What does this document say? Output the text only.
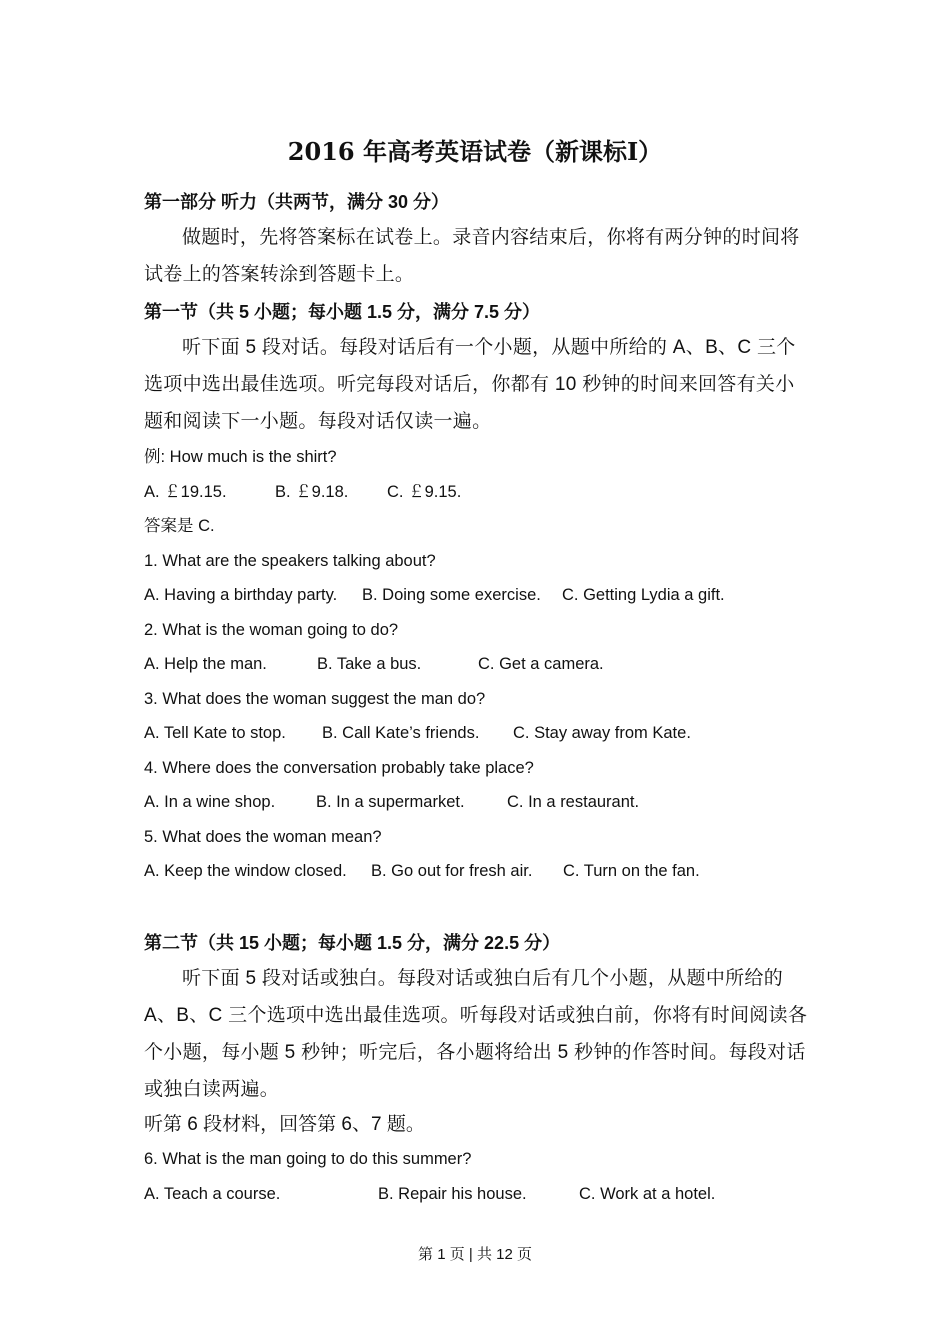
2016 年高考英语试卷（新课标Ⅰ）
第一部分 听力（共两节，满分 30 分）

做题时，先将答案标在试卷上。录音内容结束后，你将有两分钟的时间将试卷上的答案转涂到答题卡上。

第一节（共 5 小题；每小题 1.5 分，满分 7.5 分）

听下面 5 段对话。每段对话后有一个小题，从题中所给的 A、B、C 三个选项中选出最佳选项。听完每段对话后，你都有 10 秒钟的时间来回答有关小题和阅读下一小题。每段对话仅读一遍。

例: How much is the shirt?

A. ￡19.15.	B. ￡9.18.	C. ￡9.15.

答案是 C.

1. What are the speakers talking about?

A. Having a birthday party.	B. Doing some exercise.	C. Getting Lydia a gift.

2. What is the woman going to do?

A. Help the man.	B. Take a bus.	C. Get a camera.

3. What does the woman suggest the man do?

A. Tell Kate to stop.	B. Call Kate’s friends.	C. Stay away from Kate.

4. Where does the conversation probably take place?

A. In a wine shop.	B. In a supermarket.	C. In a restaurant.

5. What does the woman mean?

A. Keep the window closed.	B. Go out for fresh air.	C. Turn on the fan.
第二节（共 15 小题；每小题 1.5 分，满分 22.5 分）

听下面 5 段对话或独白。每段对话或独白后有几个小题，从题中所给的 A、B、C 三个选项中选出最佳选项。听每段对话或独白前，你将有时间阅读各个小题，每小题 5 秒钟；听完后，各小题将给出 5 秒钟的作答时间。每段对话或独白读两遍。

听第 6 段材料，回答第 6、7 题。

6. What is the man going to do this summer?

A. Teach a course.	B. Repair his house.	C. Work at a hotel.
第 1 页 | 共 12 页
